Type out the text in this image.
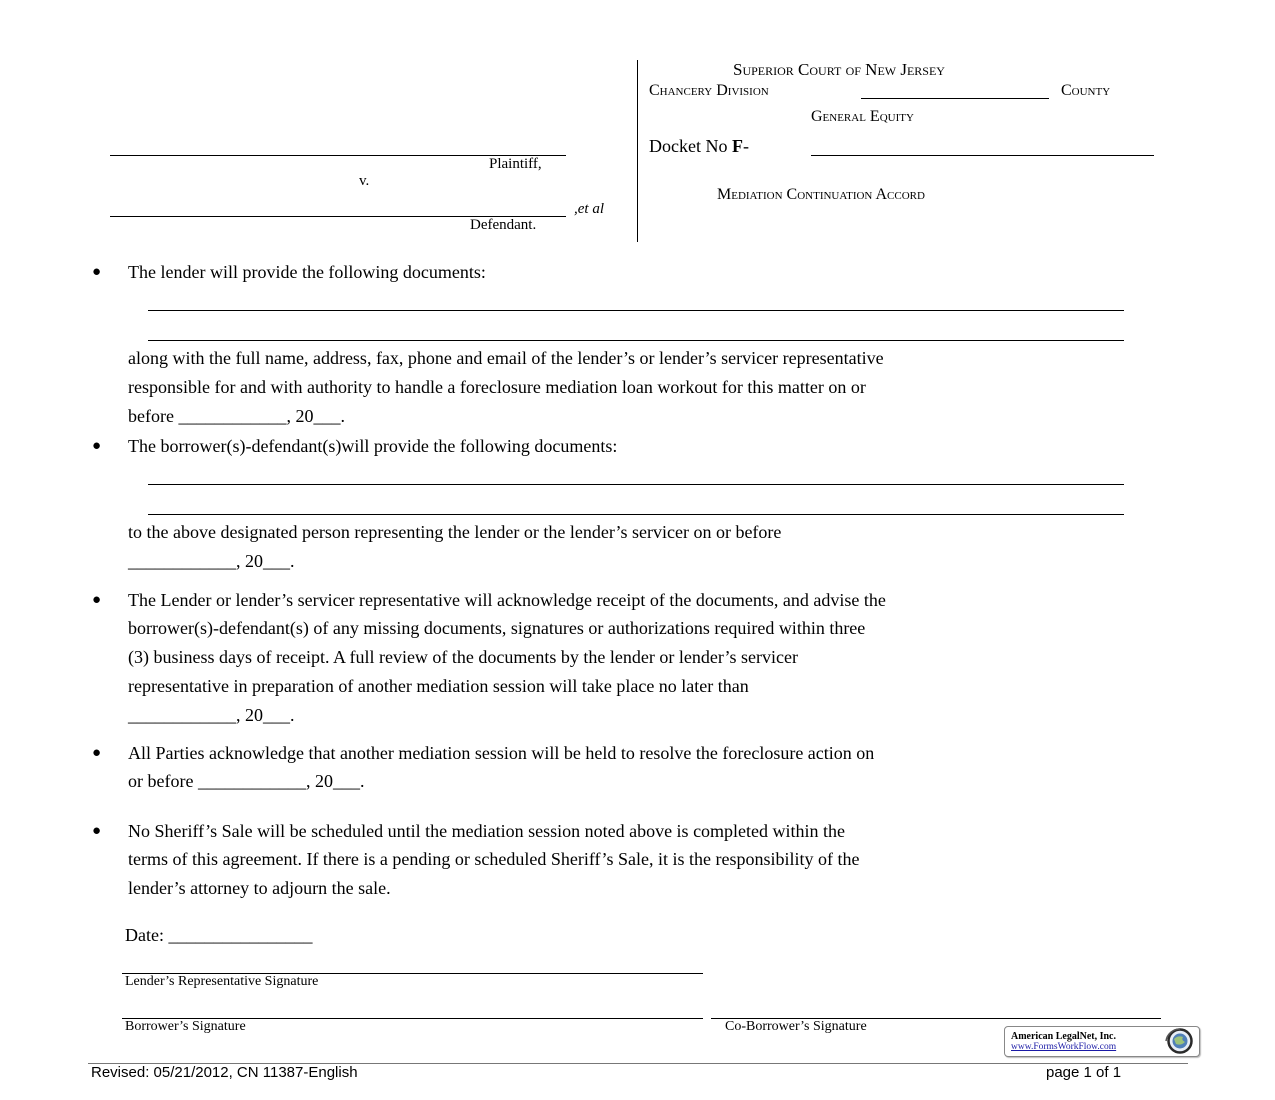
Plaintiff,
v.
,et al
Defendant.
Superior Court of New Jersey
Chancery Division	County
General Equity
Docket No F-
Mediation Continuation Accord
● The lender will provide the following documents:
along with the full name, address, fax, phone and email of the lender’s or lender’s servicer representative
responsible for and with authority to handle a foreclosure mediation loan workout for this matter on or
before ____________, 20___.
● The borrower(s)-defendant(s)will provide the following documents:
to the above designated person representing the lender or the lender’s servicer on or before
____________, 20___.
● The Lender or lender’s servicer representative will acknowledge receipt of the documents, and advise the
borrower(s)-defendant(s) of any missing documents, signatures or authorizations required within three
(3) business days of receipt. A full review of the documents by the lender or lender’s servicer
representative in preparation of another mediation session will take place no later than
____________, 20___.
● All Parties acknowledge that another mediation session will be held to resolve the foreclosure action on
or before ____________, 20___.
● No Sheriff’s Sale will be scheduled until the mediation session noted above is completed within the
terms of this agreement. If there is a pending or scheduled Sheriff’s Sale, it is the responsibility of the
lender’s attorney to adjourn the sale.
Date: ________________
Lender’s Representative Signature
Borrower’s Signature	Co-Borrower’s Signature
American LegalNet, Inc.
www.FormsWorkFlow.com
Revised: 05/21/2012, CN 11387-English	page 1 of 1
